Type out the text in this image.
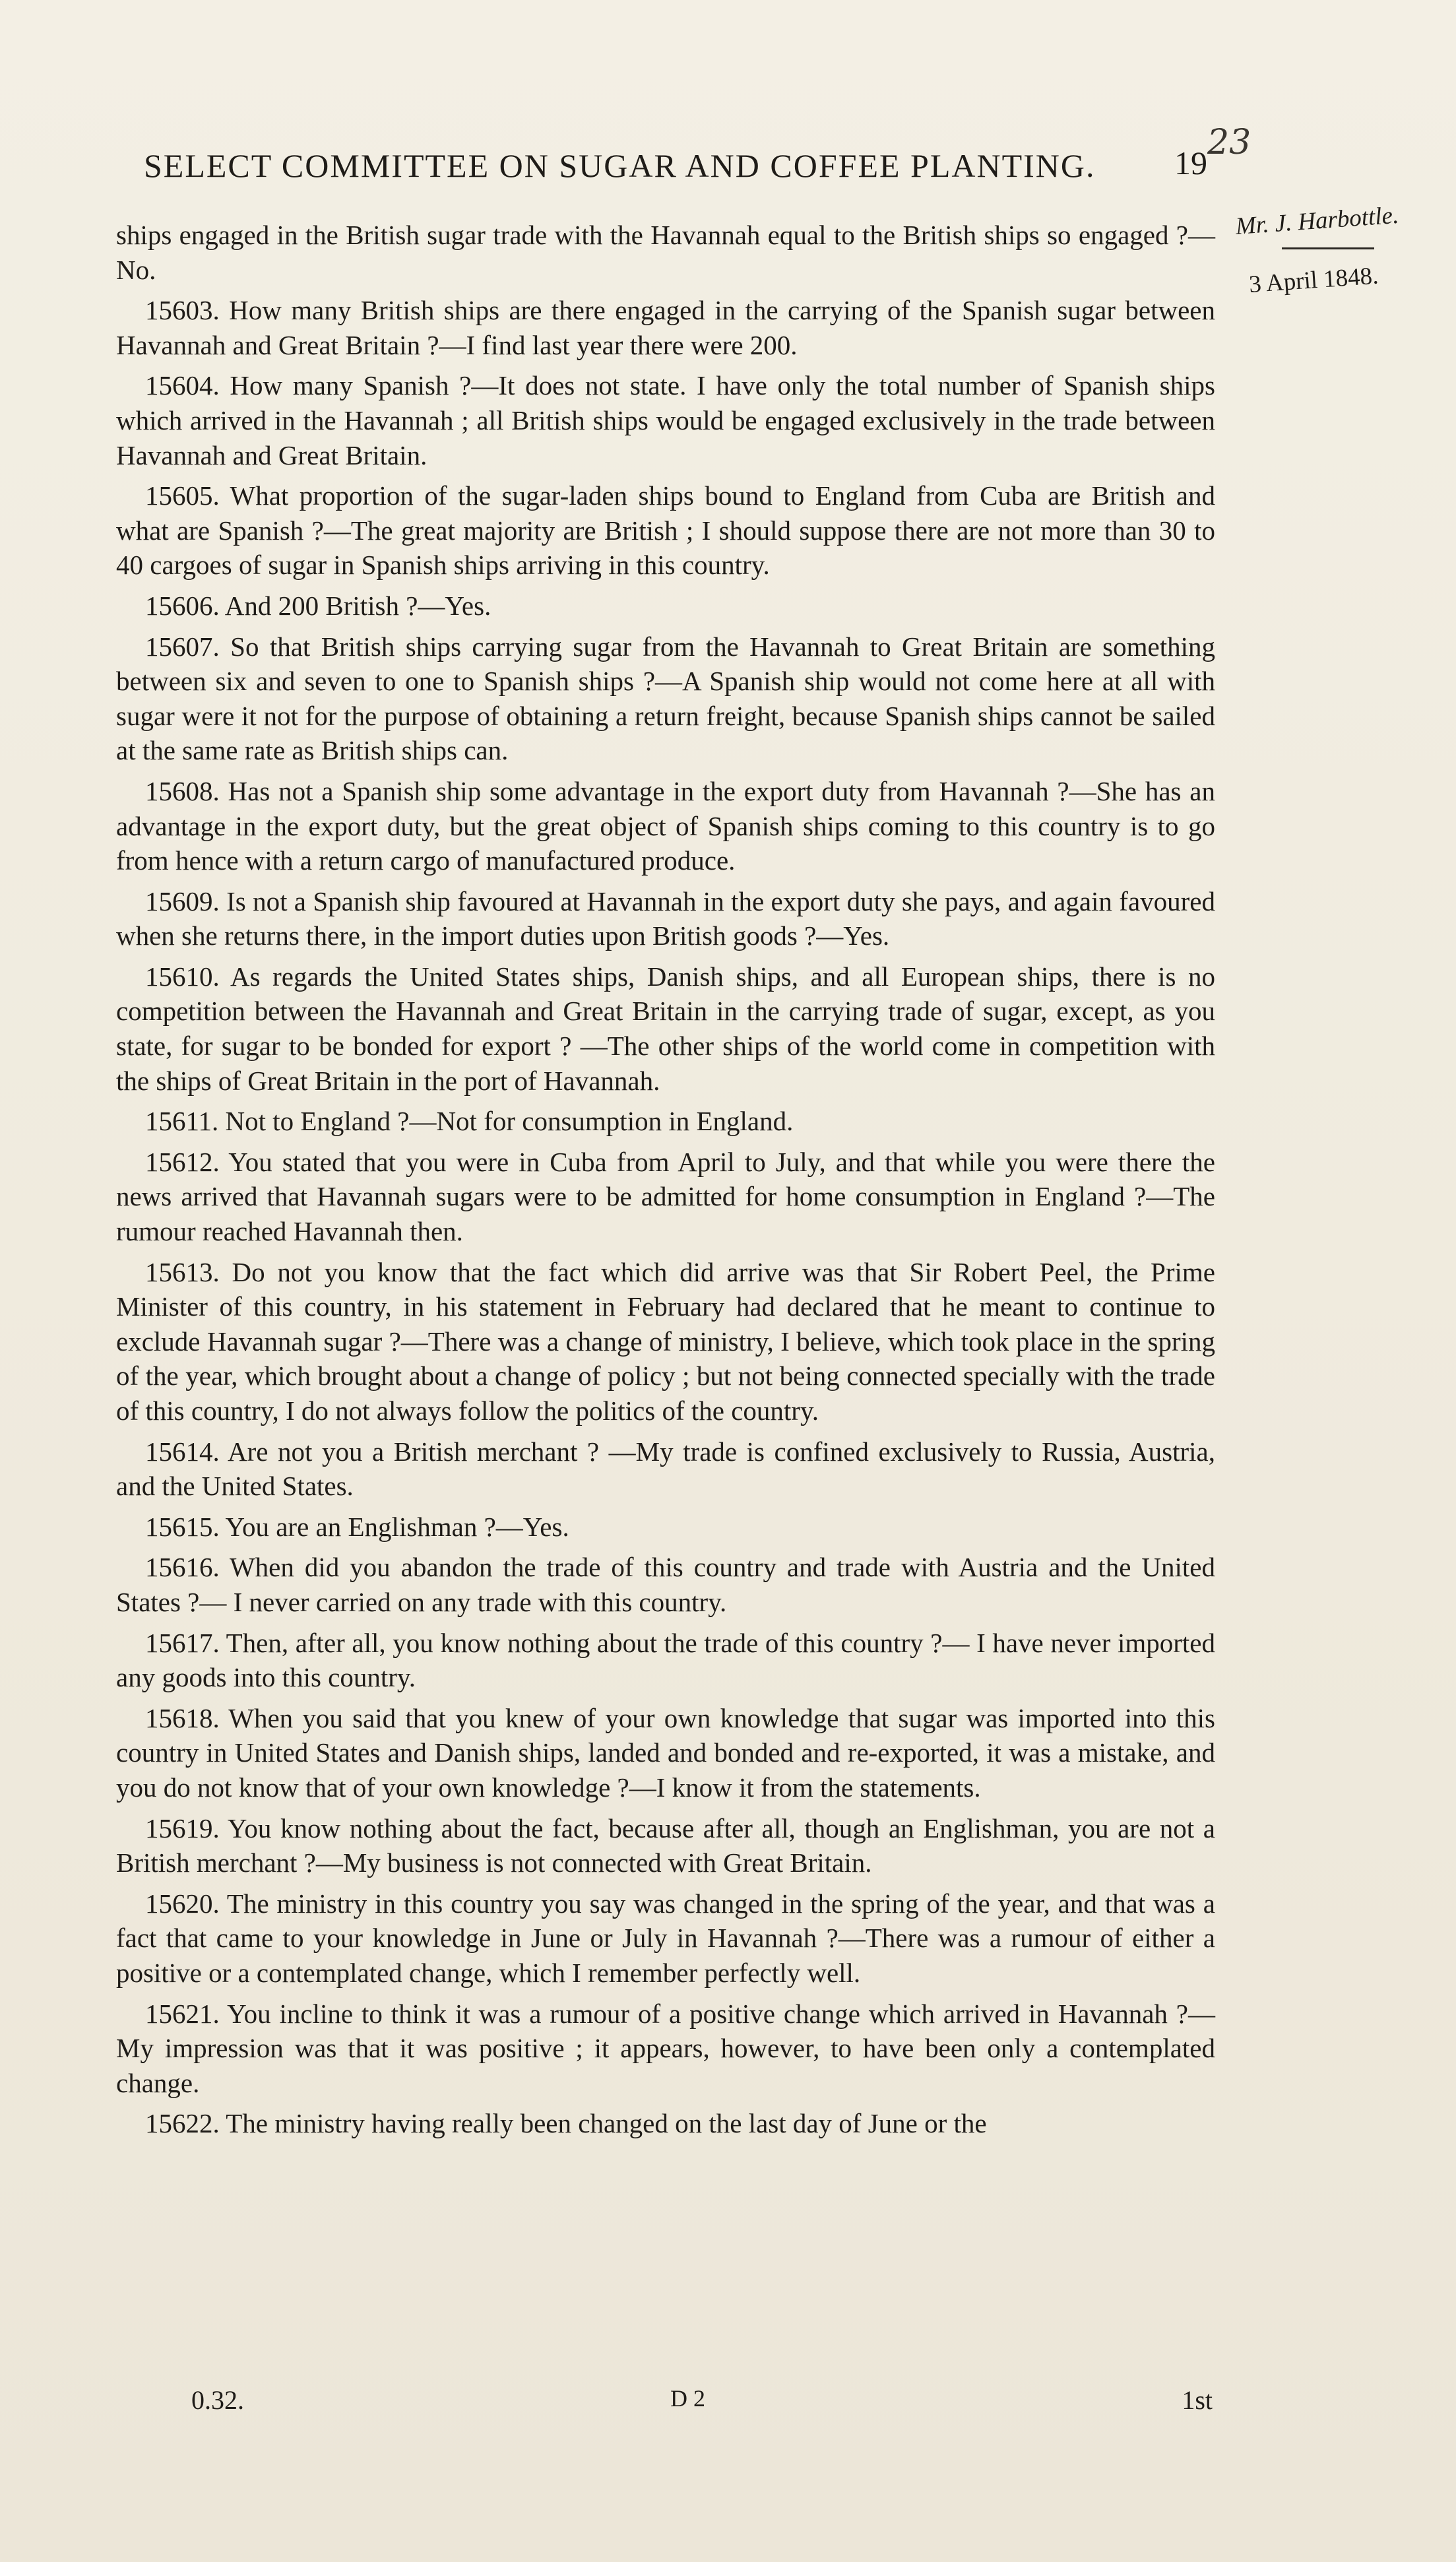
SELECT COMMITTEE ON SUGAR AND COFFEE PLANTING.	19
23
Mr. J. Harbottle.
3 April 1848.

ships engaged in the British sugar trade with the Havannah equal to the British ships so engaged ?—No.

15603. How many British ships are there engaged in the carrying of the Spanish sugar between Havannah and Great Britain ?—I find last year there were 200.

15604. How many Spanish ?—It does not state. I have only the total number of Spanish ships which arrived in the Havannah ; all British ships would be engaged exclusively in the trade between Havannah and Great Britain.

15605. What proportion of the sugar-laden ships bound to England from Cuba are British and what are Spanish ?—The great majority are British ; I should suppose there are not more than 30 to 40 cargoes of sugar in Spanish ships arriving in this country.

15606. And 200 British ?—Yes.

15607. So that British ships carrying sugar from the Havannah to Great Britain are something between six and seven to one to Spanish ships ?—A Spanish ship would not come here at all with sugar were it not for the purpose of obtaining a return freight, because Spanish ships cannot be sailed at the same rate as British ships can.

15608. Has not a Spanish ship some advantage in the export duty from Havannah ?—She has an advantage in the export duty, but the great object of Spanish ships coming to this country is to go from hence with a return cargo of manufactured produce.

15609. Is not a Spanish ship favoured at Havannah in the export duty she pays, and again favoured when she returns there, in the import duties upon British goods ?—Yes.

15610. As regards the United States ships, Danish ships, and all European ships, there is no competition between the Havannah and Great Britain in the carrying trade of sugar, except, as you state, for sugar to be bonded for export ? —The other ships of the world come in competition with the ships of Great Britain in the port of Havannah.

15611. Not to England ?—Not for consumption in England.

15612. You stated that you were in Cuba from April to July, and that while you were there the news arrived that Havannah sugars were to be admitted for home consumption in England ?—The rumour reached Havannah then.

15613. Do not you know that the fact which did arrive was that Sir Robert Peel, the Prime Minister of this country, in his statement in February had declared that he meant to continue to exclude Havannah sugar ?—There was a change of ministry, I believe, which took place in the spring of the year, which brought about a change of policy ; but not being connected specially with the trade of this country, I do not always follow the politics of the country.

15614. Are not you a British merchant ? —My trade is confined exclusively to Russia, Austria, and the United States.

15615. You are an Englishman ?—Yes.

15616. When did you abandon the trade of this country and trade with Austria and the United States ?— I never carried on any trade with this country.

15617. Then, after all, you know nothing about the trade of this country ?— I have never imported any goods into this country.

15618. When you said that you knew of your own knowledge that sugar was imported into this country in United States and Danish ships, landed and bonded and re-exported, it was a mistake, and you do not know that of your own knowledge ?—I know it from the statements.

15619. You know nothing about the fact, because after all, though an Englishman, you are not a British merchant ?—My business is not connected with Great Britain.

15620. The ministry in this country you say was changed in the spring of the year, and that was a fact that came to your knowledge in June or July in Havannah ?—There was a rumour of either a positive or a contemplated change, which I remember perfectly well.

15621. You incline to think it was a rumour of a positive change which arrived in Havannah ?—My impression was that it was positive ; it appears, however, to have been only a contemplated change.

15622. The ministry having really been changed on the last day of June or the

0.32.	D 2	1st
